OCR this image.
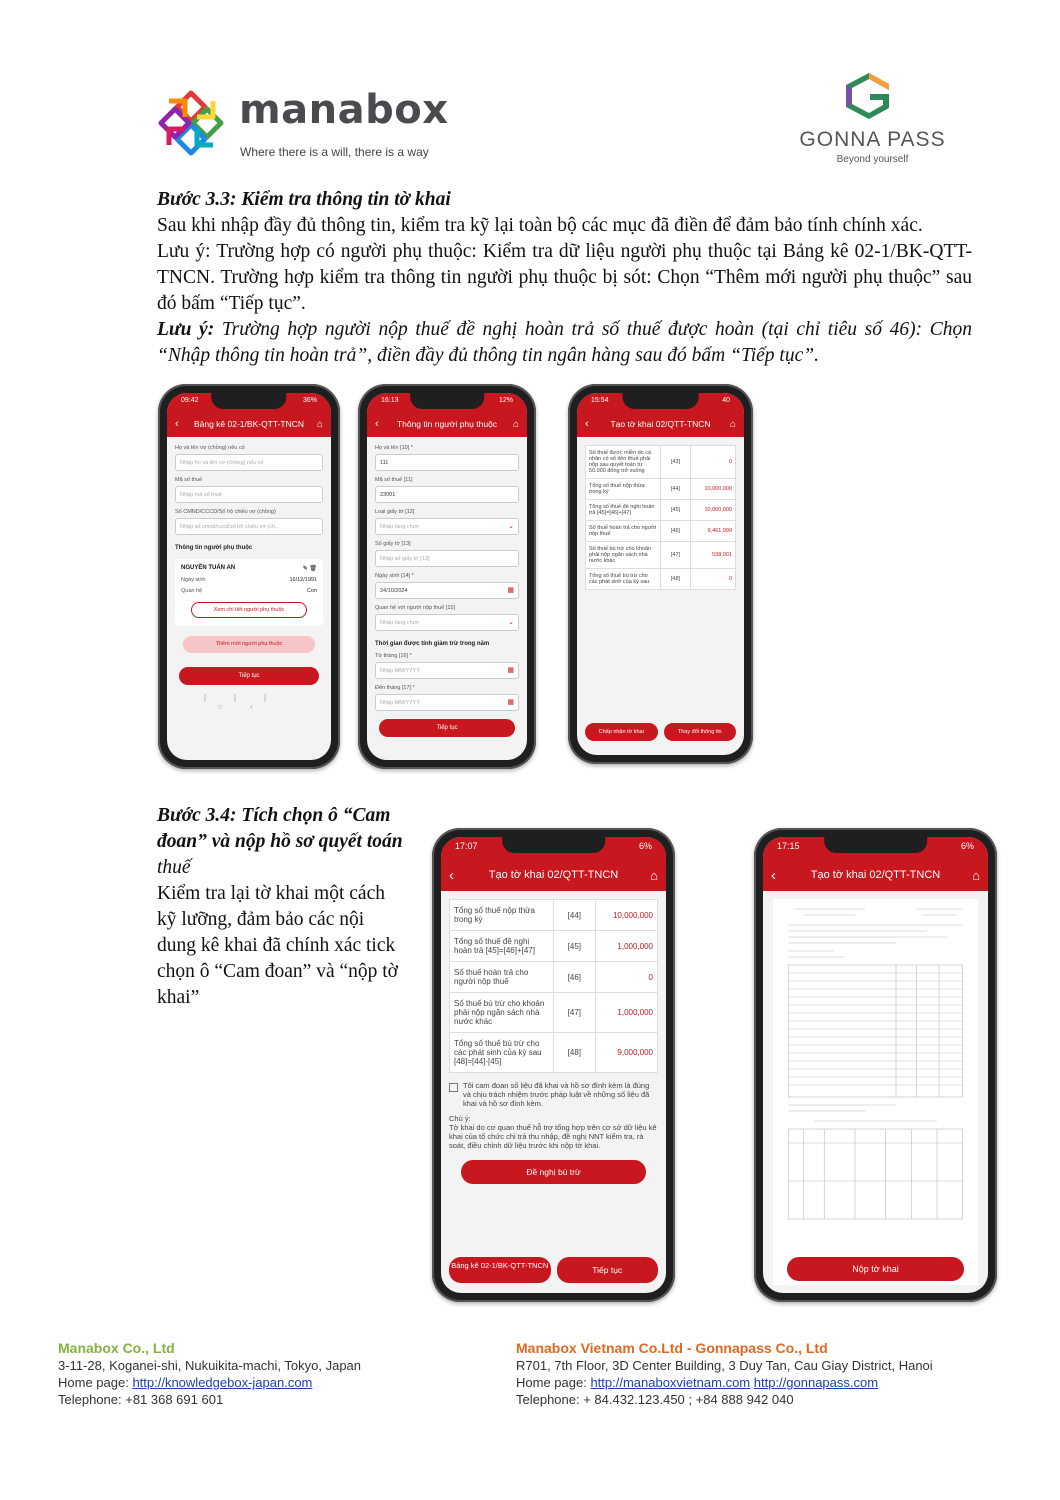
manabox
Where there is a will, there is a way
GONNA PASS
Beyond yourself
Bước 3.3: Kiểm tra thông tin tờ khai
Sau khi nhập đầy đủ thông tin, kiểm tra kỹ lại toàn bộ các mục đã điền để đảm bảo tính chính xác.
Lưu ý: Trường hợp có người phụ thuộc: Kiểm tra dữ liệu người phụ thuộc tại Bảng kê 02-1/BK-QTT-TNCN. Trường hợp kiểm tra thông tin người phụ thuộc bị sót: Chọn “Thêm mới người phụ thuộc” sau đó bấm “Tiếp tục”.
Lưu ý: Trường hợp người nộp thuế đề nghị hoàn trả số thuế được hoàn (tại chỉ tiêu số 46): Chọn “Nhập thông tin hoàn trả”, điền đầy đủ thông tin ngân hàng sau đó bấm “Tiếp tục”.
09:42	36%
‹	Bảng kê 02-1/BK-QTT-TNCN	⌂
Họ và tên vợ (chồng) nếu có
Nhập họ và tên vợ (chồng) nếu có
Mã số thuế
Nhập mã số thuế
Số CMND/CCCD/Số hộ chiếu vợ (chồng)
Nhập số cmnd/cccd/số hộ chiếu vợ (ch...
Thông tin người phụ thuộc
NGUYỄN TUẤN AN	✎ 🗑
Ngày sinh	16/12/1991
Quan hệ	Con
Xem chi tiết người phụ thuộc
Thêm mới người phụ thuộc
Tiếp tục
|||○‹
16:13	12%
‹	Thông tin người phụ thuộc	⌂
Họ và tên [10] *
111
Mã số thuế [11]
23001
Loại giấy tờ [12]
Nhấp tầng chọn	⌄
Số giấy tờ [13]
Nhập số giấy tờ [13]
Ngày sinh [14] *
24/10/2024	▦
Quan hệ với người nộp thuế [15]
Nhấp tầng chọn	⌄
Thời gian được tính giảm trừ trong năm
Từ tháng [16] *
Nhập MM/YYYY	▦
Đến tháng [17] *
Nhập MM/YYYY	▦
Tiếp tục
15:54	40
‹	Tạo tờ khai 02/QTT-TNCN	⌂
Số thuế được miễn do cá nhân có số tiền thuế phải nộp sau quyết toán từ 50.000 đồng trở xuống	[43]	0
Tổng số thuế nộp thừa trong kỳ	[44]	10,000,000
Tổng số thuế đề nghị hoàn trả [45]=[46]+[47]	[45]	10,000,000
Số thuế hoàn trả cho người nộp thuế	[46]	9,461,999
Số thuế bù trừ cho khoản phải nộp ngân sách nhà nước khác	[47]	538,001
Tổng số thuế bù trừ cho các phát sinh của kỳ sau	[48]	0
Chấp nhận tờ khai	Thay đổi thông tin
Bước 3.4: Tích chọn ô “Cam đoan” và nộp hồ sơ quyết toán thuế
Kiểm tra lại tờ khai một cách kỹ lưỡng, đảm bảo các nội dung kê khai đã chính xác tick chọn ô “Cam đoan” và “nộp tờ khai”
17:07	6%
‹	Tạo tờ khai 02/QTT-TNCN	⌂
Tổng số thuế nộp thừa trong kỳ	[44]	10,000,000
Tổng số thuế đề nghị hoàn trả [45]=[46]+[47]	[45]	1,000,000
Số thuế hoàn trả cho người nộp thuế	[46]	0
Số thuế bù trừ cho khoản phải nộp ngân sách nhà nước khác	[47]	1,000,000
Tổng số thuế bù trừ cho các phát sinh của kỳ sau [48]=[44]-[45]	[48]	9,000,000
Tôi cam đoan số liệu đã khai và hồ sơ đính kèm là đúng và chịu trách nhiệm trước pháp luật về những số liệu đã khai và hồ sơ đính kèm.
Chú ý:
Tờ khai do cơ quan thuế hỗ trợ tổng hợp trên cơ sở dữ liệu kê khai của tổ chức chi trả thu nhập, đề nghị NNT kiểm tra, rà soát, điều chỉnh dữ liệu trước khi nộp tờ khai.
Đề nghị bù trừ
Bảng kê 02-1/BK-QTT-TNCN	Tiếp tục
17:15	6%
‹	Tạo tờ khai 02/QTT-TNCN	⌂
Nộp tờ khai
Manabox Co., Ltd
3-11-28, Koganei-shi, Nukuikita-machi, Tokyo, Japan
Home page: http://knowledgebox-japan.com
Telephone: +81 368 691 601
Manabox Vietnam Co.Ltd - Gonnapass Co., Ltd
R701, 7th Floor, 3D Center Building, 3 Duy Tan, Cau Giay District, Hanoi
Home page: http://manaboxvietnam.com http://gonnapass.com
Telephone: + 84.432.123.450 ; +84 888 942 040
